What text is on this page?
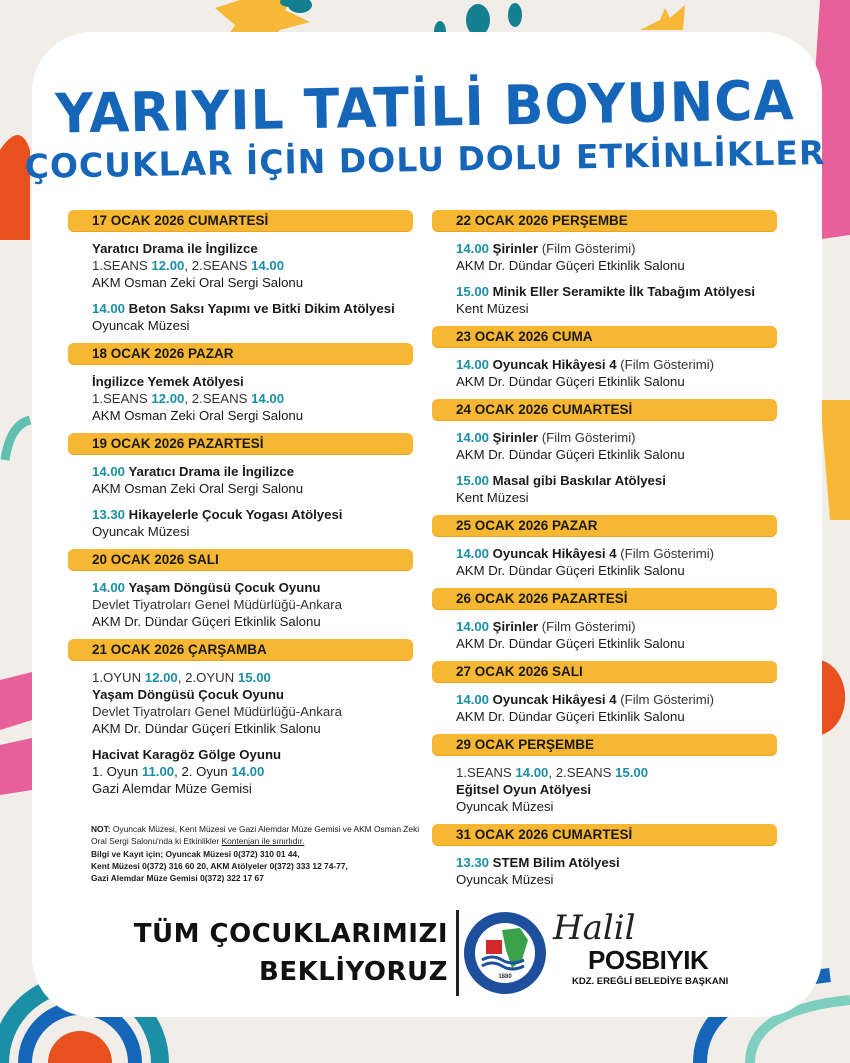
YARIYIL TATİLİ BOYUNCA
ÇOCUKLAR İÇİN DOLU DOLU ETKİNLİKLER
17 OCAK 2026 CUMARTESİ
Yaratıcı Drama ile İngilizce
1.SEANS 12.00, 2.SEANS 14.00
AKM Osman Zeki Oral Sergi Salonu
14.00 Beton Saksı Yapımı ve Bitki Dikim Atölyesi
Oyuncak Müzesi
18 OCAK 2026 PAZAR
İngilizce Yemek Atölyesi
1.SEANS 12.00, 2.SEANS 14.00
AKM Osman Zeki Oral Sergi Salonu
19 OCAK 2026 PAZARTESİ
14.00 Yaratıcı Drama ile İngilizce
AKM Osman Zeki Oral Sergi Salonu
13.30 Hikayelerle Çocuk Yogası Atölyesi
Oyuncak Müzesi
20 OCAK 2026 SALI
14.00 Yaşam Döngüsü Çocuk Oyunu
Devlet Tiyatroları Genel Müdürlüğü-Ankara
AKM Dr. Dündar Güçeri Etkinlik Salonu
21 OCAK 2026 ÇARŞAMBA
1.OYUN 12.00, 2.OYUN 15.00
Yaşam Döngüsü Çocuk Oyunu
Devlet Tiyatroları Genel Müdürlüğü-Ankara
AKM Dr. Dündar Güçeri Etkinlik Salonu
Hacivat Karagöz Gölge Oyunu
1. Oyun 11.00, 2. Oyun 14.00
Gazi Alemdar Müze Gemisi
22 OCAK 2026 PERŞEMBE
14.00 Şirinler (Film Gösterimi)
AKM Dr. Dündar Güçeri Etkinlik Salonu
15.00 Minik Eller Seramikte İlk Tabağım Atölyesi
Kent Müzesi
23 OCAK 2026 CUMA
14.00 Oyuncak Hikâyesi 4 (Film Gösterimi)
AKM Dr. Dündar Güçeri Etkinlik Salonu
24 OCAK 2026 CUMARTESİ
14.00 Şirinler (Film Gösterimi)
AKM Dr. Dündar Güçeri Etkinlik Salonu
15.00 Masal gibi Baskılar Atölyesi
Kent Müzesi
25 OCAK 2026 PAZAR
14.00 Oyuncak Hikâyesi 4 (Film Gösterimi)
AKM Dr. Dündar Güçeri Etkinlik Salonu
26 OCAK 2026 PAZARTESİ
14.00 Şirinler (Film Gösterimi)
AKM Dr. Dündar Güçeri Etkinlik Salonu
27 OCAK 2026 SALI
14.00 Oyuncak Hikâyesi 4 (Film Gösterimi)
AKM Dr. Dündar Güçeri Etkinlik Salonu
29 OCAK PERŞEMBE
1.SEANS 14.00, 2.SEANS 15.00
Eğitsel Oyun Atölyesi
Oyuncak Müzesi
31 OCAK 2026 CUMARTESİ
13.30 STEM Bilim Atölyesi
Oyuncak Müzesi
NOT: Oyuncak Müzesi, Kent Müzesi ve Gazi Alemdar Müze Gemisi ve AKM Osman Zeki Oral Sergi Salonu'nda ki Etkinlikler Kontenjan ile sınırlıdır.
Bilgi ve Kayıt için; Oyuncak Müzesi 0(372) 310 01 44,
Kent Müzesi 0(372) 316 60 20, AKM Atölyeler 0(372) 333 12 74-77,
Gazi Alemdar Müze Gemisi 0(372) 322 17 67
TÜM ÇOCUKLARIMIZI
BEKLİYORUZ	1880
Halil
POSBIYIK
KDZ. EREĞLİ BELEDİYE BAŞKANI
